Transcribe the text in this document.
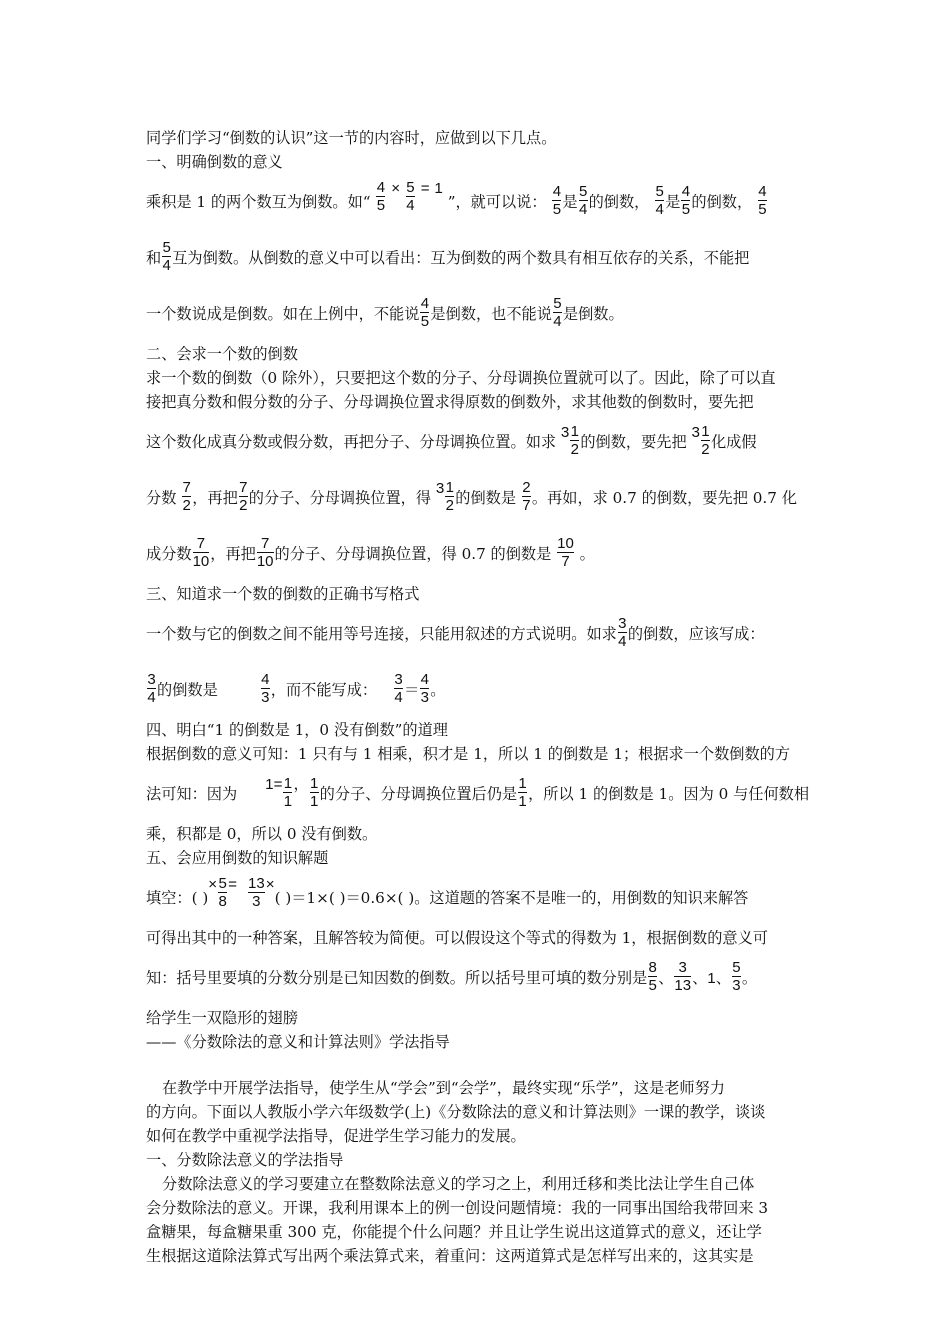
同学们学习“倒数的认识”这一节的内容时，应做到以下几点。
一、明确倒数的意义
乘积是 1 的两个数互为倒数。如“ $\frac{4}{5} \times \frac{5}{4} = 1$ ”，就可以说： $\frac{4}{5}$ 是 $\frac{5}{4}$ 的倒数， $\frac{5}{4}$ 是 $\frac{4}{5}$ 的倒数， $\frac{4}{5}$
和 $\frac{5}{4}$ 互为倒数。从倒数的意义中可以看出：互为倒数的两个数具有相互依存的关系，不能把
一个数说成是倒数。如在上例中，不能说 $\frac{4}{5}$ 是倒数，也不能说 $\frac{5}{4}$ 是倒数。
二、会求一个数的倒数
求一个数的倒数（0 除外），只要把这个数的分子、分母调换位置就可以了。因此，除了可以直
接把真分数和假分数的分子、分母调换位置求得原数的倒数外，求其他数的倒数时，要先把
这个数化成真分数或假分数，再把分子、分母调换位置。如求 $3 \frac{1}{2}$ 的倒数，要先把 $3 \frac{1}{2}$ 化成假
分数 $\frac{7}{2}$ ，再把 $\frac{7}{2}$ 的分子、分母调换位置，得 $3 \frac{1}{2}$ 的倒数是 $\frac{2}{7}$ 。再如，求 0.7 的倒数，要先把 0.7 化
成分数 $\frac{7}{10}$ ，再把 $\frac{7}{10}$ 的分子、分母调换位置，得 0.7 的倒数是 $\frac{10}{7}$ 。
三、知道求一个数的倒数的正确书写格式
一个数与它的倒数之间不能用等号连接，只能用叙述的方式说明。如求 $\frac{3}{4}$ 的倒数，应该写成：
$\frac{3}{4}$ 的倒数是	$\frac{4}{3}$ ，而不能写成： $\frac{3}{4} = \frac{4}{3}$ 。
四、明白“1 的倒数是 1，0 没有倒数”的道理
根据倒数的意义可知：1 只有与 1 相乘，积才是 1，所以 1 的倒数是 1；根据求一个数倒数的方
法可知：因为$1= \frac{1}{1}$ ， $\frac{1}{1}$ 的分子、分母调换位置后仍是 $\frac{1}{1}$ ，所以 1 的倒数是 1。因为 0 与任何数相
乘，积都是 0，所以 0 没有倒数。
五、会应用倒数的知识解题
填空：( )× $\frac{5}{8} = \frac{13}{3}$ ×( )＝1×( )＝0.6×( )。这道题的答案不是唯一的，用倒数的知识来解答
可得出其中的一种答案，且解答较为简便。可以假设这个等式的得数为 1，根据倒数的意义可
知：括号里要填的分数分别是已知因数的倒数。所以括号里可填的数分别是 $\frac{8}{5}$ 、 $\frac{3}{13}$ 、1、 $\frac{5}{3}$ 。
给学生一双隐形的翅膀
——《分数除法的意义和计算法则》学法指导
在教学中开展学法指导，使学生从“学会”到“会学”，最终实现“乐学”，这是老师努力
的方向。下面以人教版小学六年级数学(上)《分数除法的意义和计算法则》一课的教学，谈谈
如何在教学中重视学法指导，促进学生学习能力的发展。
一、分数除法意义的学法指导
分数除法意义的学习要建立在整数除法意义的学习之上，利用迁移和类比法让学生自己体
会分数除法的意义。开课，我利用课本上的例一创设问题情境：我的一同事出国给我带回来 3
盒糖果，每盒糖果重 300 克，你能提个什么问题？并且让学生说出这道算式的意义，还让学
生根据这道除法算式写出两个乘法算式来，着重问：这两道算式是怎样写出来的，这其实是
